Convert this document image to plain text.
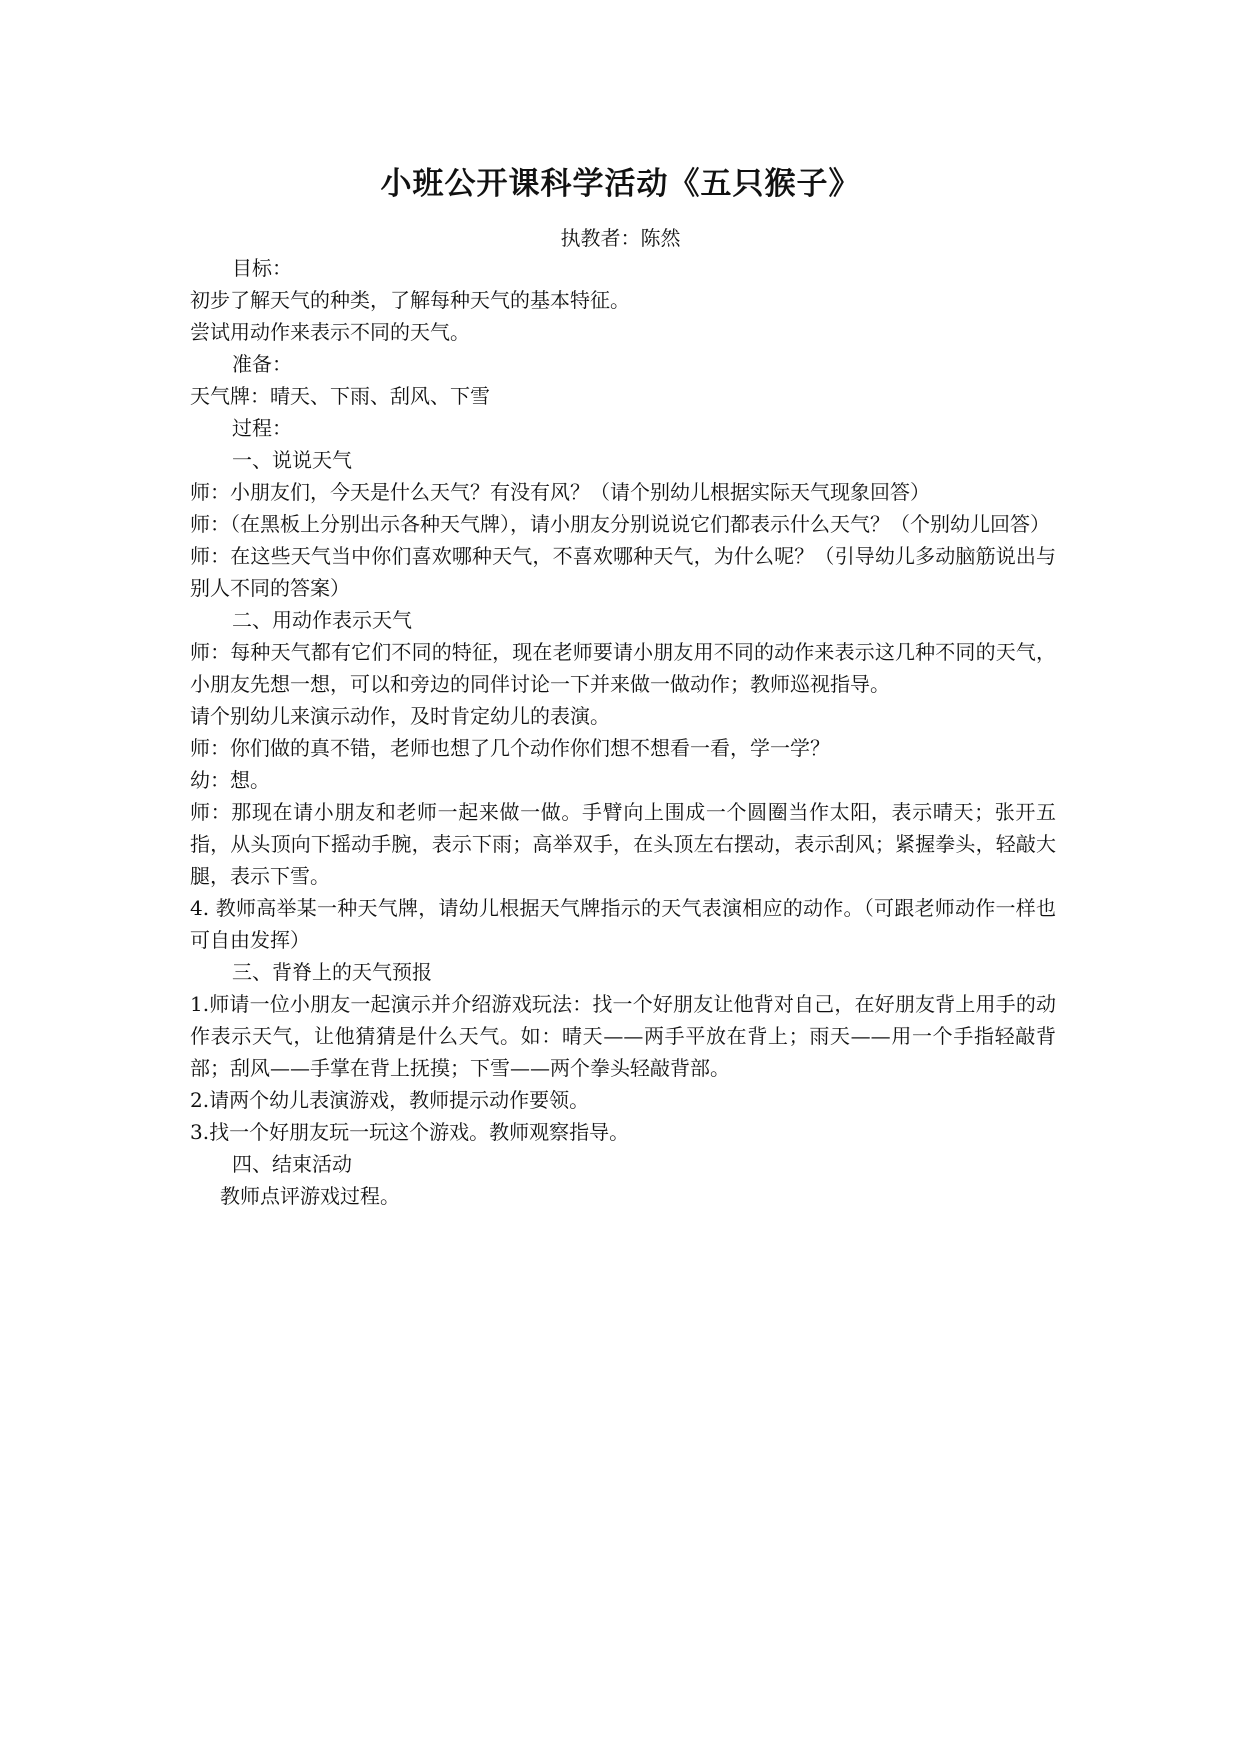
小班公开课科学活动《五只猴子》
执教者：陈然

目标：

初步了解天气的种类，了解每种天气的基本特征。

尝试用动作来表示不同的天气。

准备：

天气牌：晴天、下雨、刮风、下雪

过程：

一、说说天气

师：小朋友们，今天是什么天气？有没有风？（请个别幼儿根据实际天气现象回答）

师：（在黑板上分别出示各种天气牌），请小朋友分别说说它们都表示什么天气？（个别幼儿回答）

师：在这些天气当中你们喜欢哪种天气，不喜欢哪种天气，为什么呢？（引导幼儿多动脑筋说出与别人不同的答案）

二、用动作表示天气

师：每种天气都有它们不同的特征，现在老师要请小朋友用不同的动作来表示这几种不同的天气，小朋友先想一想，可以和旁边的同伴讨论一下并来做一做动作；教师巡视指导。

请个别幼儿来演示动作，及时肯定幼儿的表演。

师：你们做的真不错，老师也想了几个动作你们想不想看一看，学一学？

幼：想。

师：那现在请小朋友和老师一起来做一做。手臂向上围成一个圆圈当作太阳，表示晴天；张开五指，从头顶向下摇动手腕，表示下雨；高举双手，在头顶左右摆动，表示刮风；紧握拳头，轻敲大腿，表示下雪。

4. 教师高举某一种天气牌，请幼儿根据天气牌指示的天气表演相应的动作。（可跟老师动作一样也可自由发挥）

三、背脊上的天气预报

1.师请一位小朋友一起演示并介绍游戏玩法：找一个好朋友让他背对自己，在好朋友背上用手的动作表示天气，让他猜猜是什么天气。如：晴天——两手平放在背上；雨天——用一个手指轻敲背部；刮风——手掌在背上抚摸；下雪——两个拳头轻敲背部。

2.请两个幼儿表演游戏，教师提示动作要领。

3.找一个好朋友玩一玩这个游戏。教师观察指导。

四、结束活动

教师点评游戏过程。
